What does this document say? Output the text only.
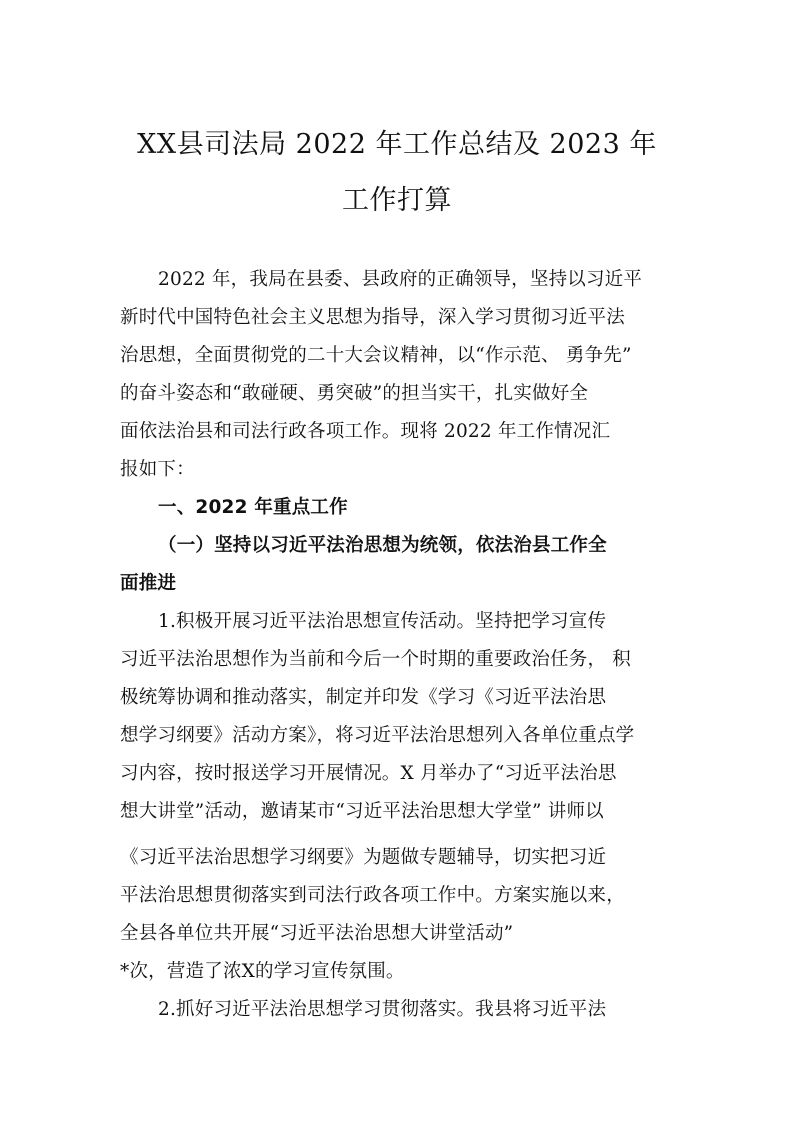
XX县司法局 2022 年工作总结及 2023 年
工作打算
2022 年，我局在县委、县政府的正确领导，坚持以习近平
新时代中国特色社会主义思想为指导，深入学习贯彻习近平法
治思想，全面贯彻党的二十大会议精神，以“作示范、 勇争先”
的奋斗姿态和“敢碰硬、勇突破”的担当实干，扎实做好全
面依法治县和司法行政各项工作。现将 2022 年工作情况汇
报如下：
一、2022 年重点工作
（一）坚持以习近平法治思想为统领，依法治县工作全
面推进
1.积极开展习近平法治思想宣传活动。坚持把学习宣传
习近平法治思想作为当前和今后一个时期的重要政治任务， 积
极统筹协调和推动落实，制定并印发《学习《习近平法治思
想学习纲要》活动方案》，将习近平法治思想列入各单位重点学
习内容，按时报送学习开展情况。X 月举办了“习近平法治思
想大讲堂”活动，邀请某市“习近平法治思想大学堂” 讲师以
《习近平法治思想学习纲要》为题做专题辅导，切实把习近
平法治思想贯彻落实到司法行政各项工作中。方案实施以来，
全县各单位共开展“习近平法治思想大讲堂活动”
*次，营造了浓X的学习宣传氛围。
2.抓好习近平法治思想学习贯彻落实。我县将习近平法
